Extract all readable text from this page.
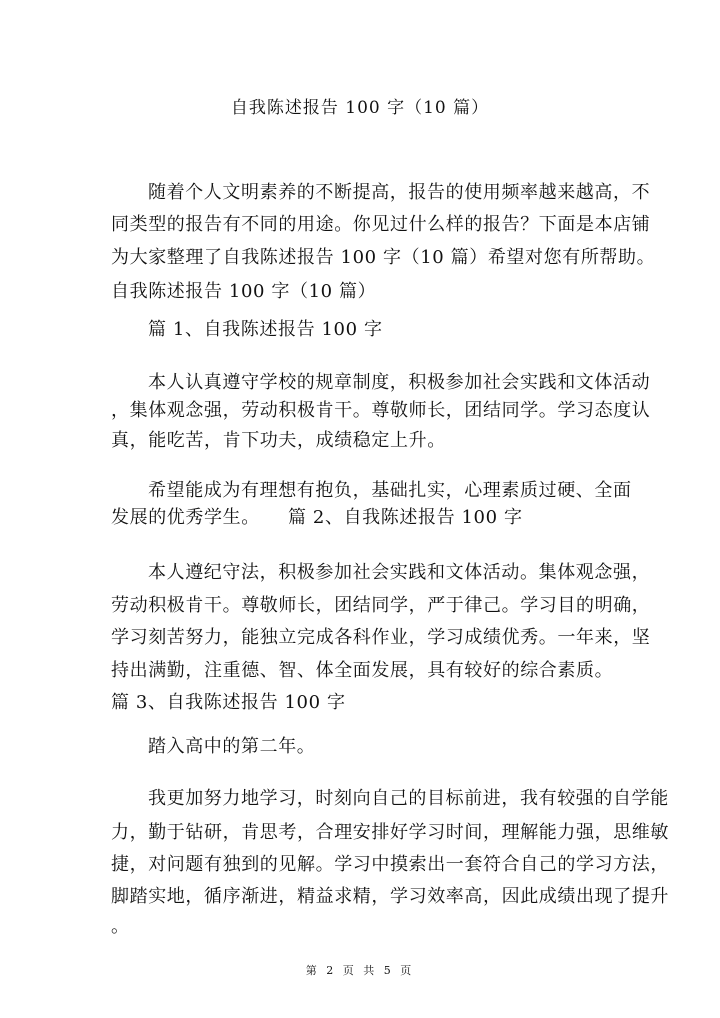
自我陈述报告 100 字（10 篇）
随着个人文明素养的不断提高，报告的使用频率越来越高，不
同类型的报告有不同的用途。你见过什么样的报告？下面是本店铺
为大家整理了自我陈述报告 100 字（10 篇）希望对您有所帮助。
自我陈述报告 100 字（10 篇）
篇 1、自我陈述报告 100 字
本人认真遵守学校的规章制度，积极参加社会实践和文体活动
，集体观念强，劳动积极肯干。尊敬师长，团结同学。学习态度认
真，能吃苦，肯下功夫，成绩稳定上升。
希望能成为有理想有抱负，基础扎实，心理素质过硬、全面
发展的优秀学生。　　篇 2、自我陈述报告 100 字
本人遵纪守法，积极参加社会实践和文体活动。集体观念强，
劳动积极肯干。尊敬师长，团结同学，严于律己。学习目的明确，
学习刻苦努力，能独立完成各科作业，学习成绩优秀。一年来，坚
持出满勤，注重德、智、体全面发展，具有较好的综合素质。
篇 3、自我陈述报告 100 字
踏入高中的第二年。
我更加努力地学习，时刻向自己的目标前进，我有较强的自学能
力，勤于钻研，肯思考，合理安排好学习时间，理解能力强，思维敏
捷，对问题有独到的见解。学习中摸索出一套符合自己的学习方法，
脚踏实地，循序渐进，精益求精，学习效率高，因此成绩出现了提升
。
第 2 页 共 5 页
